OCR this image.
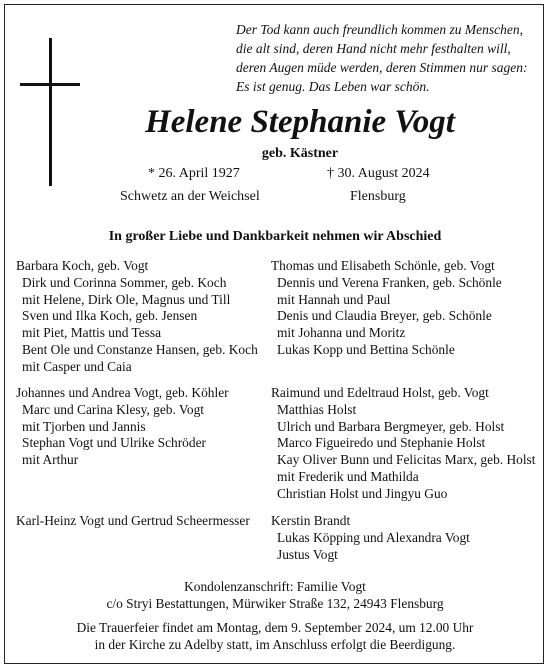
Der Tod kann auch freundlich kommen zu Menschen,
die alt sind, deren Hand nicht mehr festhalten will,
deren Augen müde werden, deren Stimmen nur sagen:
Es ist genug. Das Leben war schön.
Helene Stephanie Vogt
geb. Kästner
* 26. April 1927	† 30. August 2024
Schwetz an der Weichsel	Flensburg
In großer Liebe und Dankbarkeit nehmen wir Abschied
Barbara Koch, geb. Vogt
Dirk und Corinna Sommer, geb. Koch
mit Helene, Dirk Ole, Magnus und Till
Sven und Ilka Koch, geb. Jensen
mit Piet, Mattis und Tessa
Bent Ole und Constanze Hansen, geb. Koch
mit Casper und Caia
Thomas und Elisabeth Schönle, geb. Vogt
Dennis und Verena Franken, geb. Schönle
mit Hannah und Paul
Denis und Claudia Breyer, geb. Schönle
mit Johanna und Moritz
Lukas Kopp und Bettina Schönle
Johannes und Andrea Vogt, geb. Köhler
Marc und Carina Klesy, geb. Vogt
mit Tjorben und Jannis
Stephan Vogt und Ulrike Schröder
mit Arthur
Raimund und Edeltraud Holst, geb. Vogt
Matthias Holst
Ulrich und Barbara Bergmeyer, geb. Holst
Marco Figueiredo und Stephanie Holst
Kay Oliver Bunn und Felicitas Marx, geb. Holst
mit Frederik und Mathilda
Christian Holst und Jingyu Guo
Karl-Heinz Vogt und Gertrud Scheermesser Kerstin Brandt
Lukas Köpping und Alexandra Vogt
Justus Vogt
Kondolenzanschrift: Familie Vogt
c/o Stryi Bestattungen, Mürwiker Straße 132, 24943 Flensburg
Die Trauerfeier findet am Montag, dem 9. September 2024, um 12.00 Uhr
in der Kirche zu Adelby statt, im Anschluss erfolgt die Beerdigung.
